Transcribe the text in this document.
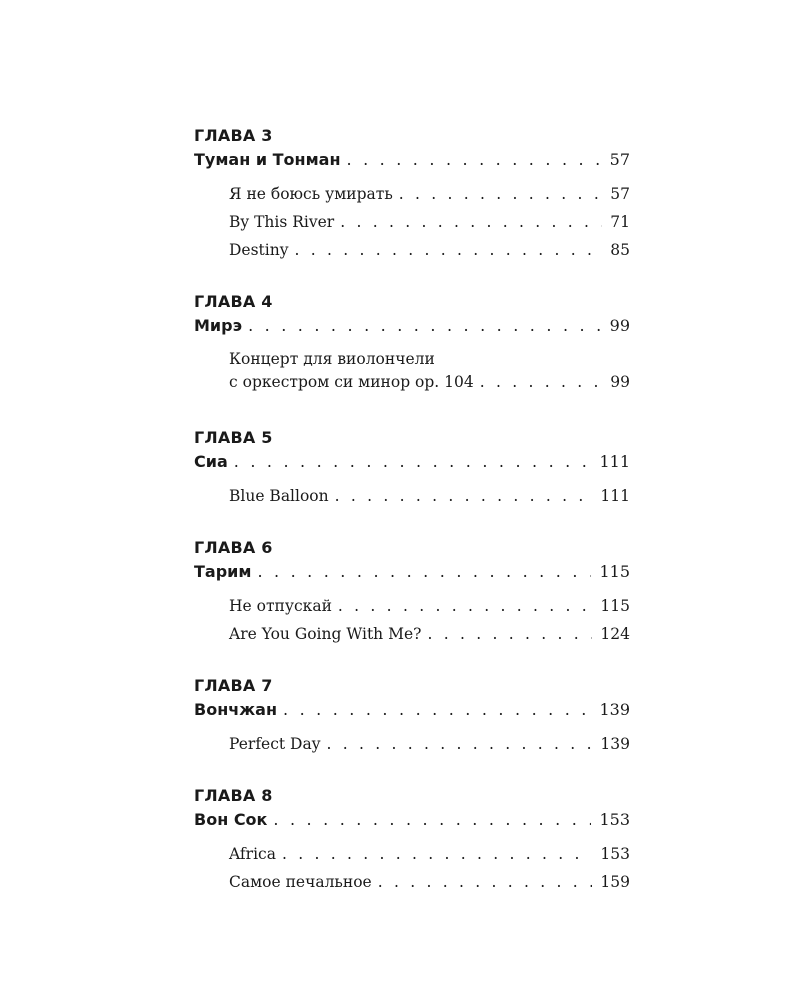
ГЛАВА 3
Туман и Тонман . . .	57
Я не боюсь умирать . . .	57
By This River . . .	71
Destiny . . .	85
ГЛАВА 4
Мирэ . . .	99
Концерт для виолончели
с оркестром си минор ор. 104 . . .	99
ГЛАВА 5
Сиа . . .	111
Blue Balloon . . .	111
ГЛАВА 6
Тарим . . .	115
Не отпускай . . .	115
Are You Going With Me? . . .	124
ГЛАВА 7
Вончжан . . .	139
Perfect Day . . .	139
ГЛАВА 8
Вон Сок . . .	153
Africa . . .	153
Самое печальное . . .	159
